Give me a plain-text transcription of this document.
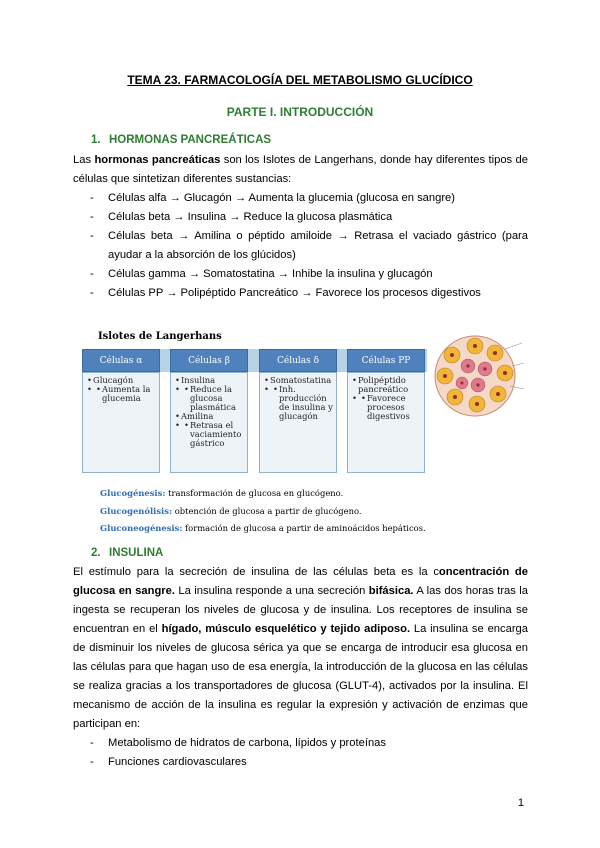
TEMA 23. FARMACOLOGÍA DEL METABOLISMO GLUCÍDICO
PARTE I. INTRODUCCIÓN
1. HORMONAS PANCREÁTICAS
Las hormonas pancreáticas son los Islotes de Langerhans, donde hay diferentes tipos de células que sintetizan diferentes sustancias:
- Células alfa → Glucagón → Aumenta la glucemia (glucosa en sangre)
- Células beta → Insulina → Reduce la glucosa plasmática
- Células beta → Amilina o péptido amiloide → Retrasa el vaciado gástrico (para ayudar a la absorción de los glúcidos)
- Células gamma → Somatostatina → Inhibe la insulina y glucagón
- Células PP → Polipéptido Pancreático → Favorece los procesos digestivos
Islotes de Langerhans
Células α
• Glucagón
• • Aumenta la glucemia
Células β
• Insulina
• • Reduce la glucosa plasmática
• Amilina
• • Retrasa el vaciamiento gástrico
Células δ
• Somatostatina
• • Inh. producción de insulina y glucagón
Células PP
• Polipéptido pancreático
• • Favorece procesos digestivos
Glucogénesis: transformación de glucosa en glucógeno.
Glucogenólisis: obtención de glucosa a partir de glucógeno.
Gluconeogénesis: formación de glucosa a partir de aminoácidos hepáticos.
2. INSULINA
El estímulo para la secreción de insulina de las células beta es la concentración de glucosa en sangre. La insulina responde a una secreción bifásica. A las dos horas tras la ingesta se recuperan los niveles de glucosa y de insulina. Los receptores de insulina se encuentran en el hígado, músculo esquelético y tejido adiposo. La insulina se encarga de disminuir los niveles de glucosa sérica ya que se encarga de introducir esa glucosa en las células para que hagan uso de esa energía, la introducción de la glucosa en las células se realiza gracias a los transportadores de glucosa (GLUT-4), activados por la insulina. El mecanismo de acción de la insulina es regular la expresión y activación de enzimas que participan en:
- Metabolismo de hidratos de carbona, lípidos y proteínas
- Funciones cardiovasculares
1
